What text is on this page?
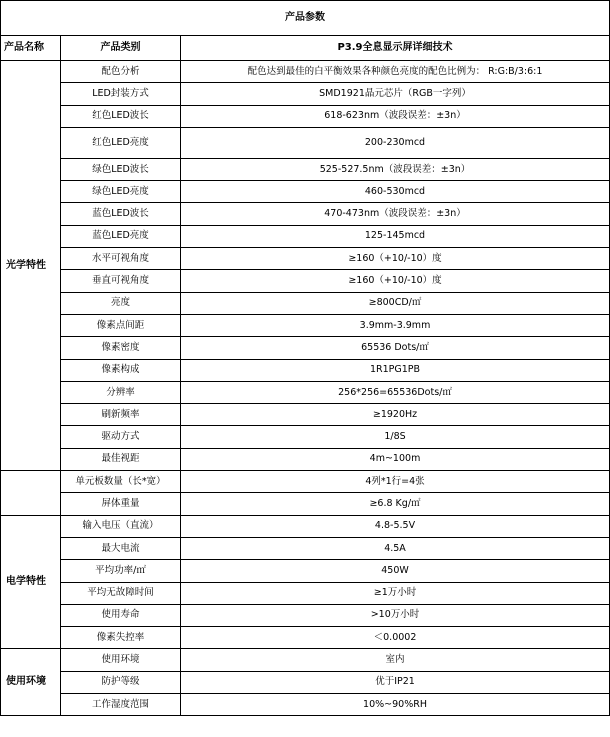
产品参数		
产品名称	产品类别	P3.9全息显示屏详细技术
光学特性	配色分析	配色达到最佳的白平衡效果各种颜色亮度的配色比例为： R:G:B/3:6:1
	LED封装方式	SMD1921晶元芯片（RGB一字列）
	红色LED波长	618-623nm（波段误差：±3n）
	红色LED亮度	200-230mcd
	绿色LED波长	525-527.5nm（波段误差：±3n）
	绿色LED亮度	460-530mcd
	蓝色LED波长	470-473nm（波段误差：±3n）
	蓝色LED亮度	125-145mcd
	水平可视角度	≥160（+10/-10）度
	垂直可视角度	≥160（+10/-10）度
	亮度	≥800CD/㎡
	像素点间距	3.9mm-3.9mm
	像素密度	65536 Dots/㎡
	像素构成	1R1PG1PB
	分辨率	256*256=65536Dots/㎡
	刷新频率	≥1920Hz
	驱动方式	1/8S
	最佳视距	4m~100m
	单元板数量（长*宽）	4列*1行=4张
	屏体重量	≥6.8 Kg/㎡
电学特性	输入电压（直流）	4.8-5.5V
	最大电流	4.5A
	平均功率/㎡	450W
	平均无故障时间	≥1万小时
	使用寿命	>10万小时
	像素失控率	＜0.0002
使用环境	使用环境	室内
	防护等级	优于IP21
	工作湿度范围	10%~90%RH
